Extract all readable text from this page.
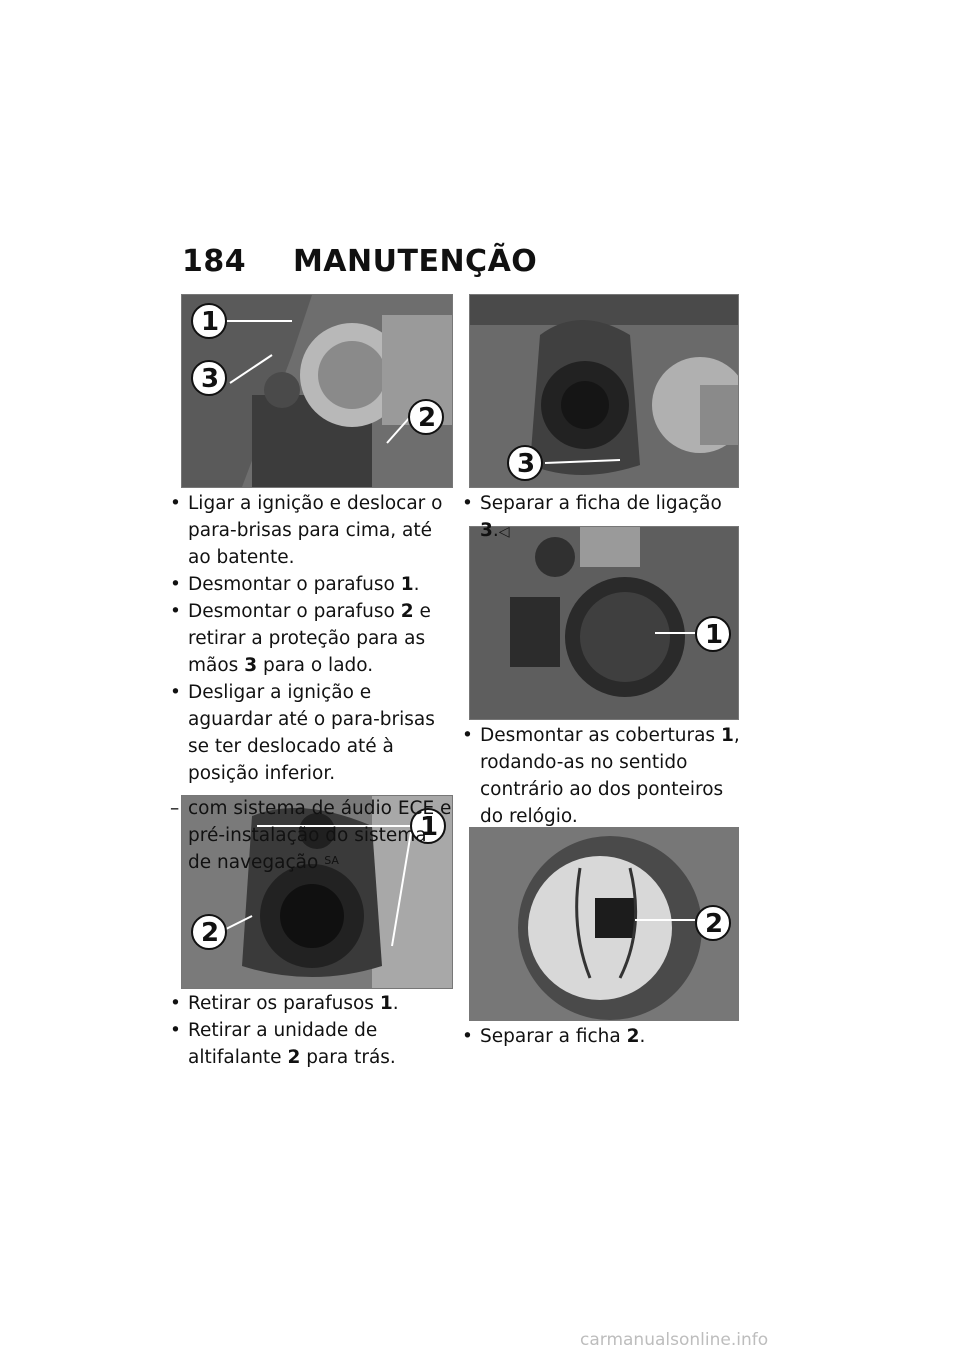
184 MANUTENÇÃO
1
3
2
1
2
3
1
2
• Ligar a ignição e deslocar o para-brisas para cima, até ao batente.
• Desmontar o parafuso 1.
• Desmontar o parafuso 2 e retirar a proteção para as mãos 3 para o lado.
• Desligar a ignição e aguardar até o para-brisas se ter deslocado até à posição inferior.
– com sistema de áudio ECE e pré-instalação do sistema de navegação $^{SA}$
• Retirar os parafusos 1.
• Retirar a unidade de altifalante 2 para trás.
• Separar a ficha de ligação 3.◁
• Desmontar as coberturas 1, rodando-as no sentido contrário ao dos ponteiros do relógio.
• Separar a ficha 2.
carmanualsonline.info
